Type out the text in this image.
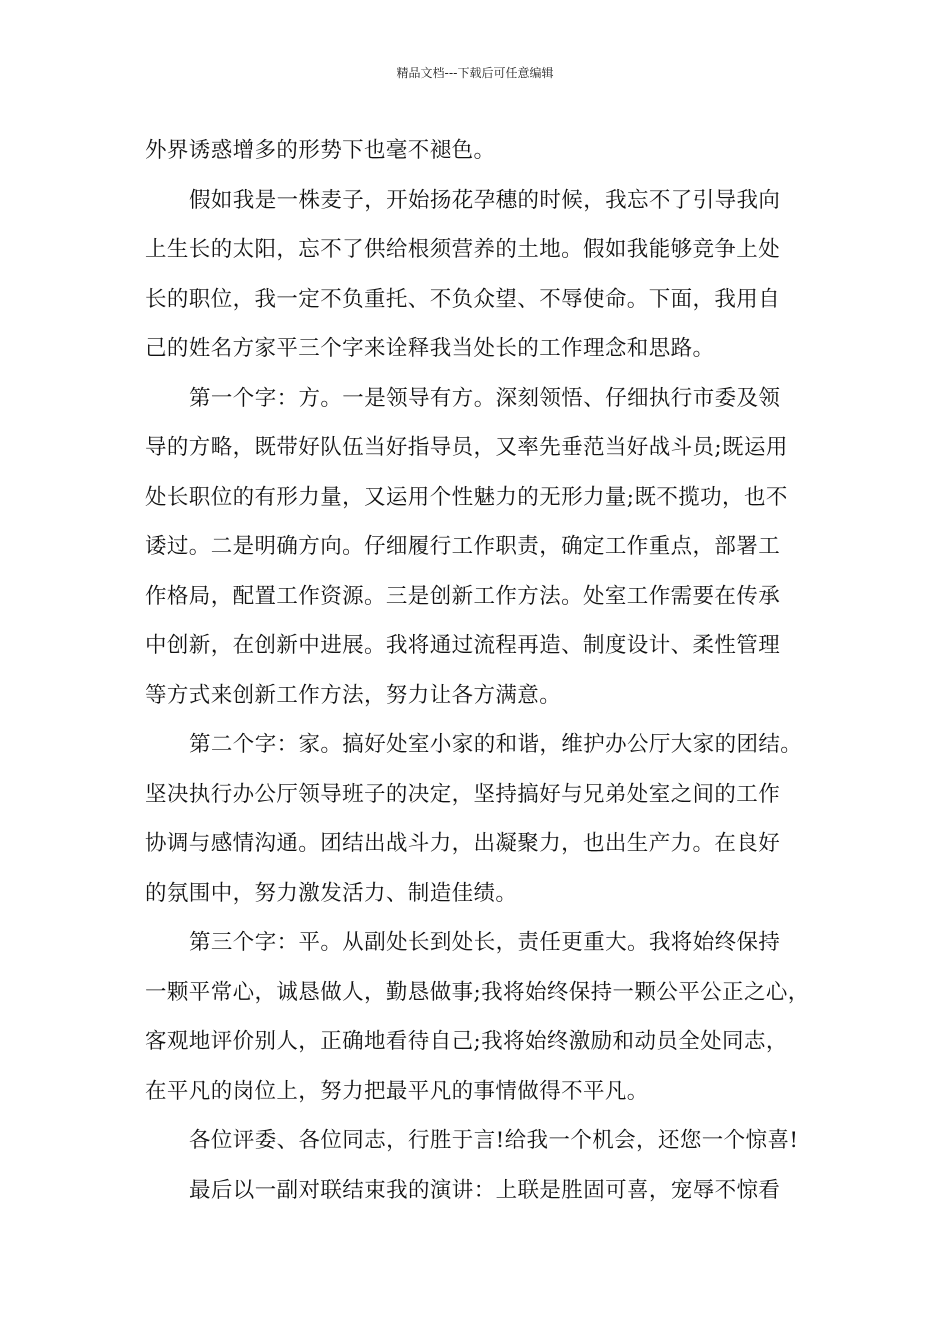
精品文档---下载后可任意编辑
外界诱惑增多的形势下也毫不褪色。
假如我是一株麦子，开始扬花孕穗的时候，我忘不了引导我向
上生长的太阳，忘不了供给根须营养的土地。假如我能够竞争上处
长的职位，我一定不负重托、不负众望、不辱使命。下面，我用自
己的姓名方家平三个字来诠释我当处长的工作理念和思路。
第一个字：方。一是领导有方。深刻领悟、仔细执行市委及领
导的方略，既带好队伍当好指导员，又率先垂范当好战斗员;既运用
处长职位的有形力量，又运用个性魅力的无形力量;既不揽功，也不
诿过。二是明确方向。仔细履行工作职责，确定工作重点，部署工
作格局，配置工作资源。三是创新工作方法。处室工作需要在传承
中创新，在创新中进展。我将通过流程再造、制度设计、柔性管理
等方式来创新工作方法，努力让各方满意。
第二个字：家。搞好处室小家的和谐，维护办公厅大家的团结。
坚决执行办公厅领导班子的决定，坚持搞好与兄弟处室之间的工作
协调与感情沟通。团结出战斗力，出凝聚力，也出生产力。在良好
的氛围中，努力激发活力、制造佳绩。
第三个字：平。从副处长到处长，责任更重大。我将始终保持
一颗平常心，诚恳做人，勤恳做事;我将始终保持一颗公平公正之心，
客观地评价别人，正确地看待自己;我将始终激励和动员全处同志，
在平凡的岗位上，努力把最平凡的事情做得不平凡。
各位评委、各位同志，行胜于言!给我一个机会，还您一个惊喜!
最后以一副对联结束我的演讲：上联是胜固可喜，宠辱不惊看
